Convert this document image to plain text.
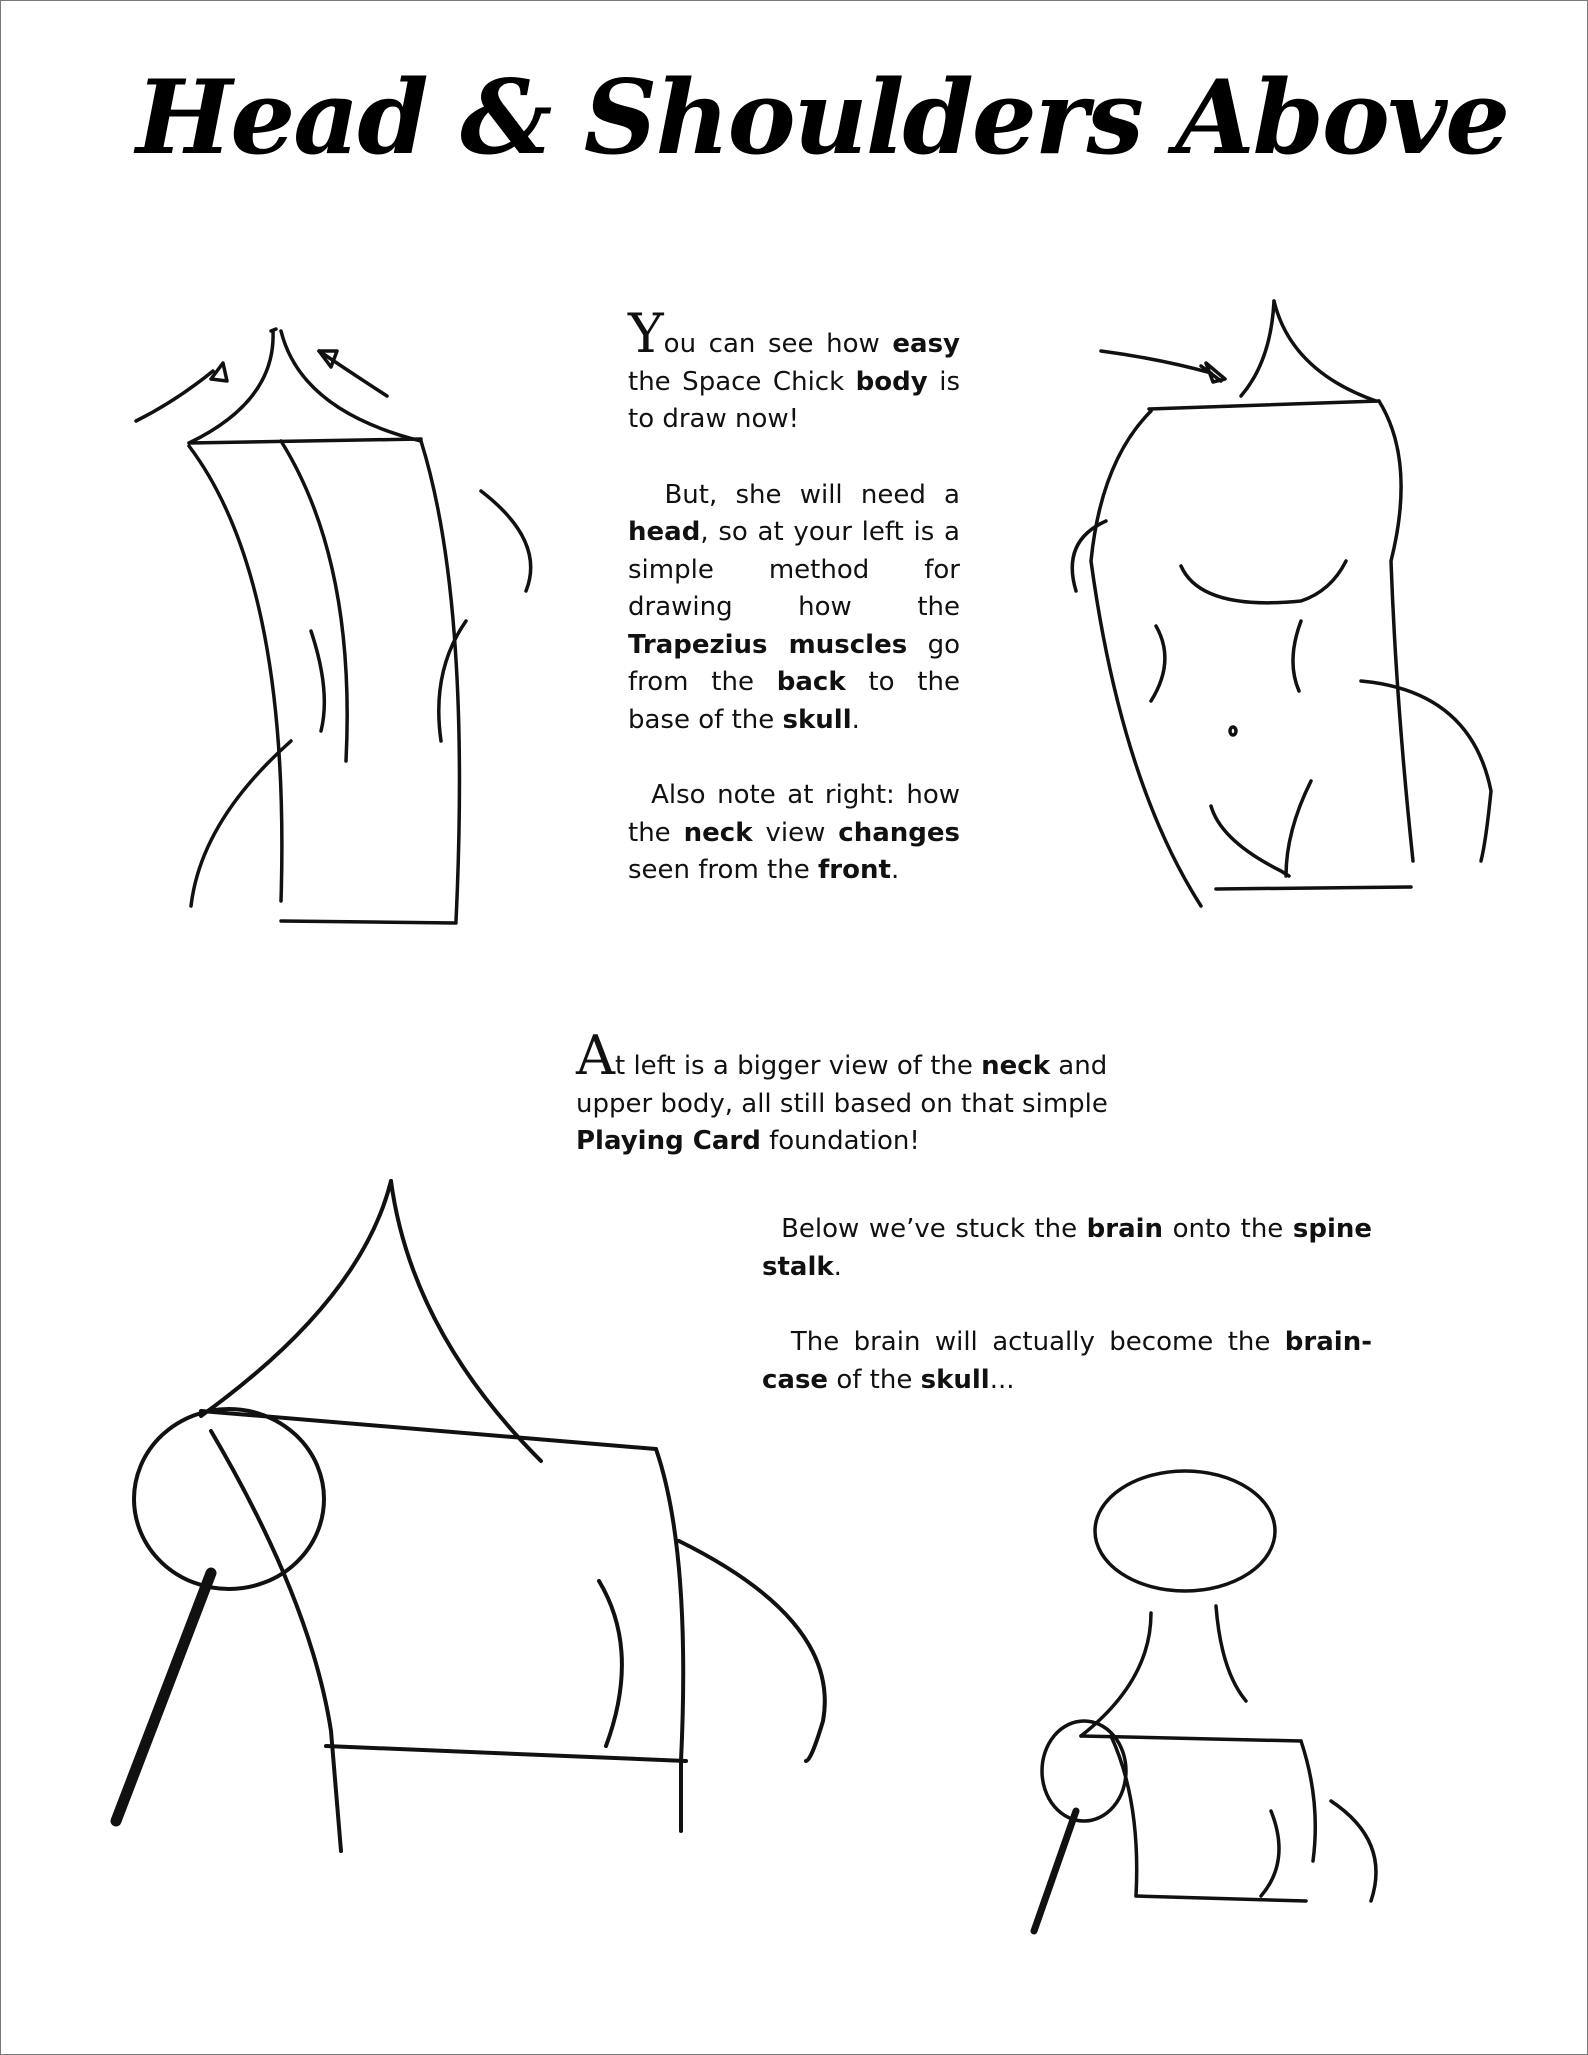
Head & Shoulders Above

You can see how easy the Space Chick body is to draw now!

But, she will need a head, so at your left is a simple method for drawing how the Trapezius muscles go from the back to the base of the skull.

Also note at right: how the neck view changes seen from the front.

At left is a bigger view of the neck and upper body, all still based on that simple Playing Card foundation!

Below we’ve stuck the brain onto the spine stalk.

The brain will actually become the brain-case of the skull...
